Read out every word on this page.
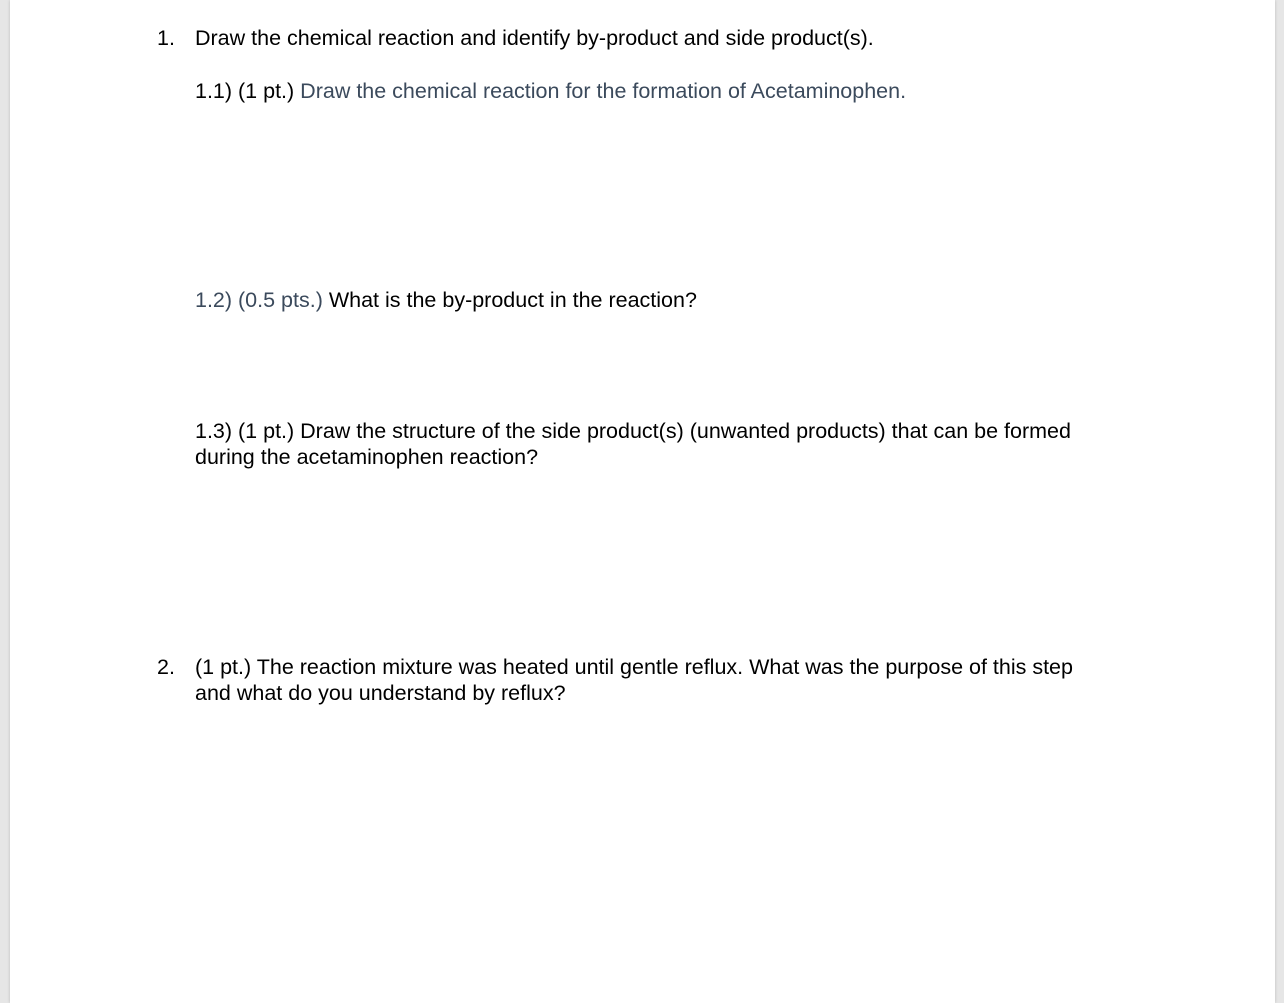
1. Draw the chemical reaction and identify by-product and side product(s).
1.1) (1 pt.) Draw the chemical reaction for the formation of Acetaminophen.
1.2) (0.5 pts.) What is the by-product in the reaction?
1.3) (1 pt.) Draw the structure of the side product(s) (unwanted products) that can be formed
during the acetaminophen reaction?
2. (1 pt.) The reaction mixture was heated until gentle reflux. What was the purpose of this step
and what do you understand by reflux?
